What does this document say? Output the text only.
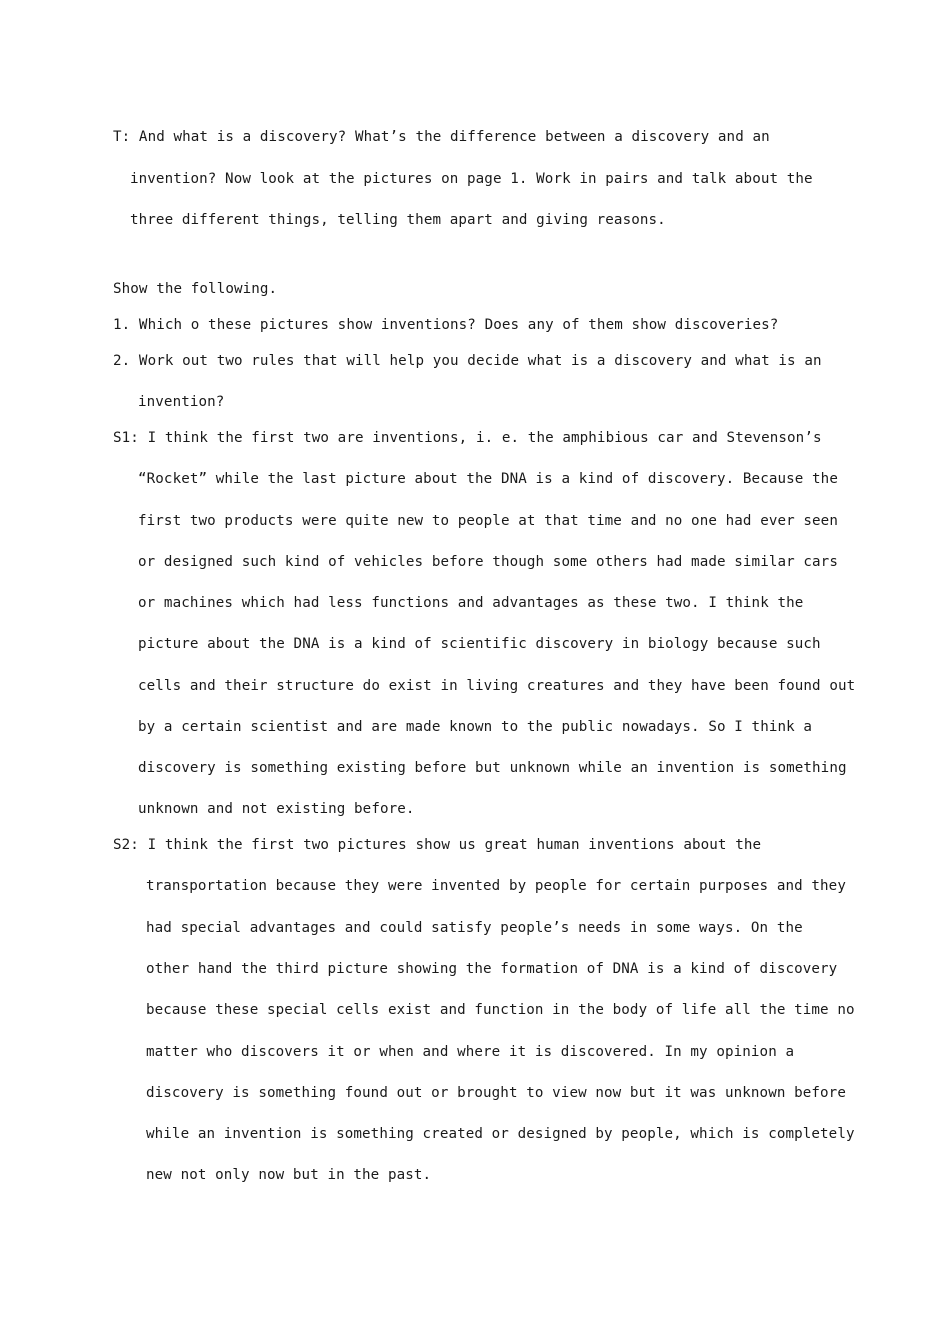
T: And what is a discovery? What’s the difference between a discovery and an
invention? Now look at the pictures on page 1. Work in pairs and talk about the
three different things, telling them apart and giving reasons.
Show the following.
1. Which o these pictures show inventions? Does any of them show discoveries?
2. Work out two rules that will help you decide what is a discovery and what is an
invention?
S1: I think the first two are inventions, i. e. the amphibious car and Stevenson’s
“Rocket” while the last picture about the DNA is a kind of discovery. Because the
first two products were quite new to people at that time and no one had ever seen
or designed such kind of vehicles before though some others had made similar cars
or machines which had less functions and advantages as these two. I think the
picture about the DNA is a kind of scientific discovery in biology because such
cells and their structure do exist in living creatures and they have been found out
by a certain scientist and are made known to the public nowadays. So I think a
discovery is something existing before but unknown while an invention is something
unknown and not existing before.
S2: I think the first two pictures show us great human inventions about the
transportation because they were invented by people for certain purposes and they
had special advantages and could satisfy people’s needs in some ways. On the
other hand the third picture showing the formation of DNA is a kind of discovery
because these special cells exist and function in the body of life all the time no
matter who discovers it or when and where it is discovered. In my opinion a
discovery is something found out or brought to view now but it was unknown before
while an invention is something created or designed by people, which is completely
new not only now but in the past.
